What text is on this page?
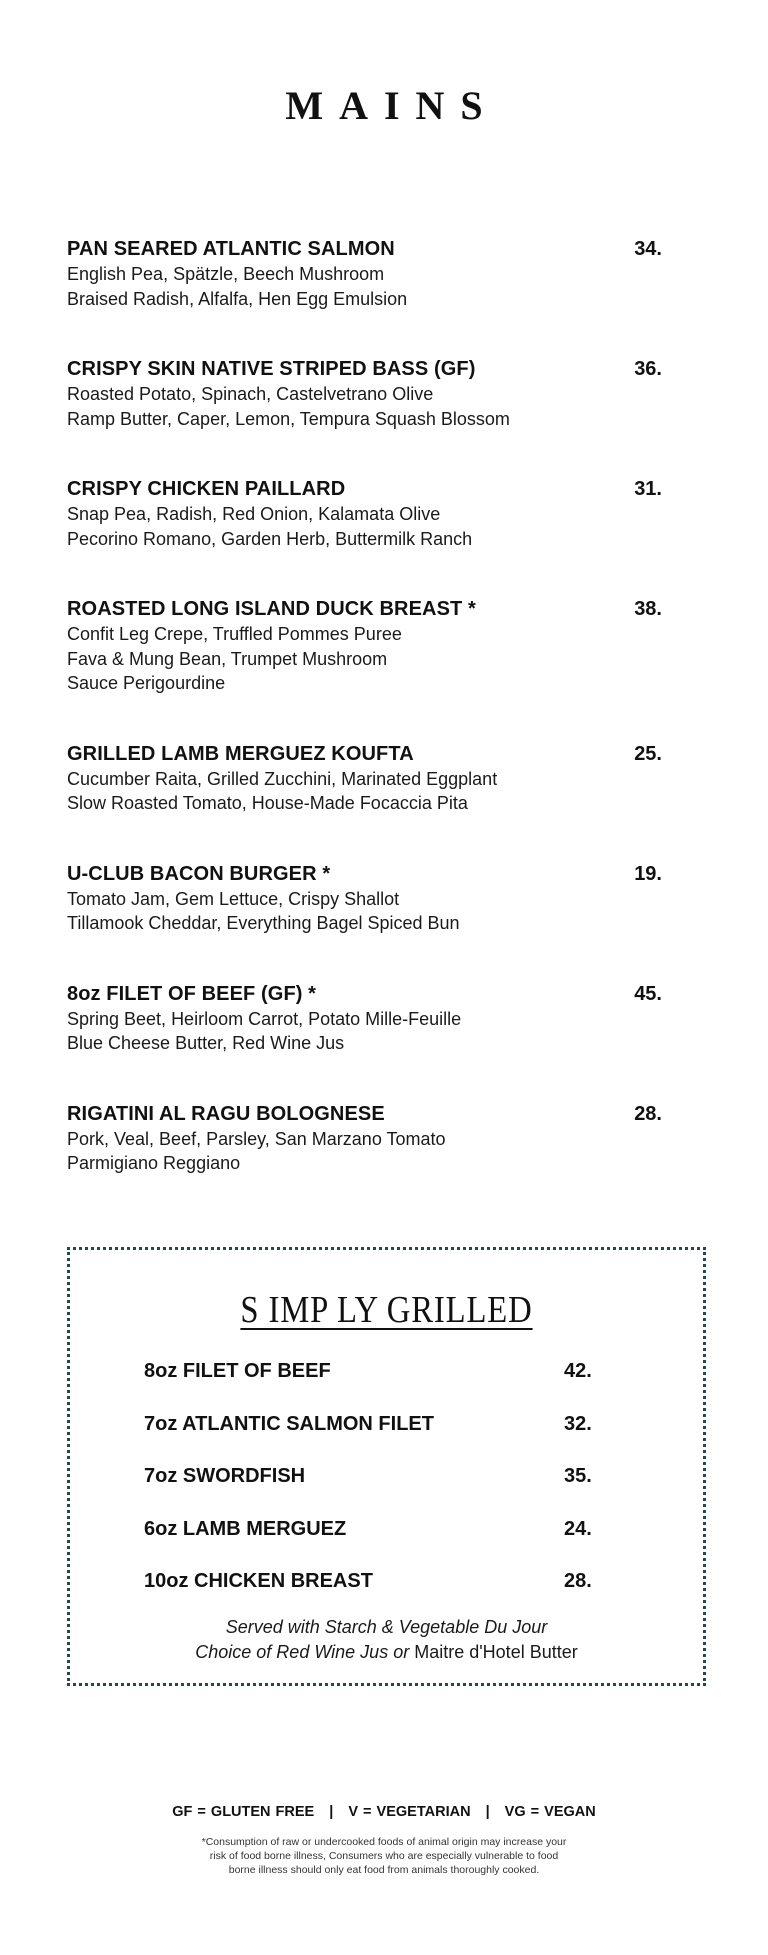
MAINS
PAN SEARED ATLANTIC SALMON	34.
English Pea, Spätzle, Beech Mushroom
Braised Radish, Alfalfa, Hen Egg Emulsion
CRISPY SKIN NATIVE STRIPED BASS (GF)	36.
Roasted Potato, Spinach, Castelvetrano Olive
Ramp Butter, Caper, Lemon, Tempura Squash Blossom
CRISPY CHICKEN PAILLARD	31.
Snap Pea, Radish, Red Onion, Kalamata Olive
Pecorino Romano, Garden Herb, Buttermilk Ranch
ROASTED LONG ISLAND DUCK BREAST *	38.
Confit Leg Crepe, Truffled Pommes Puree
Fava & Mung Bean, Trumpet Mushroom
Sauce Perigourdine
GRILLED LAMB MERGUEZ KOUFTA	25.
Cucumber Raita, Grilled Zucchini, Marinated Eggplant
Slow Roasted Tomato, House-Made Focaccia Pita
U-CLUB BACON BURGER *	19.
Tomato Jam, Gem Lettuce, Crispy Shallot
Tillamook Cheddar, Everything Bagel Spiced Bun
8oz FILET OF BEEF (GF) *	45.
Spring Beet, Heirloom Carrot, Potato Mille-Feuille
Blue Cheese Butter, Red Wine Jus
RIGATINI AL RAGU BOLOGNESE	28.
Pork, Veal, Beef, Parsley, San Marzano Tomato
Parmigiano Reggiano
S IMP LY GRILLED
8oz FILET OF BEEF	42.
7oz ATLANTIC SALMON FILET	32.
7oz SWORDFISH	35.
6oz LAMB MERGUEZ	24.
10oz CHICKEN BREAST	28.
Served with Starch & Vegetable Du Jour
Choice of Red Wine Jus or Maitre d'Hotel Butter
GF = GLUTEN FREE | V = VEGETARIAN | VG = VEGAN
*Consumption of raw or undercooked foods of animal origin may increase your
risk of food borne illness, Consumers who are especially vulnerable to food
borne illness should only eat food from animals thoroughly cooked.
